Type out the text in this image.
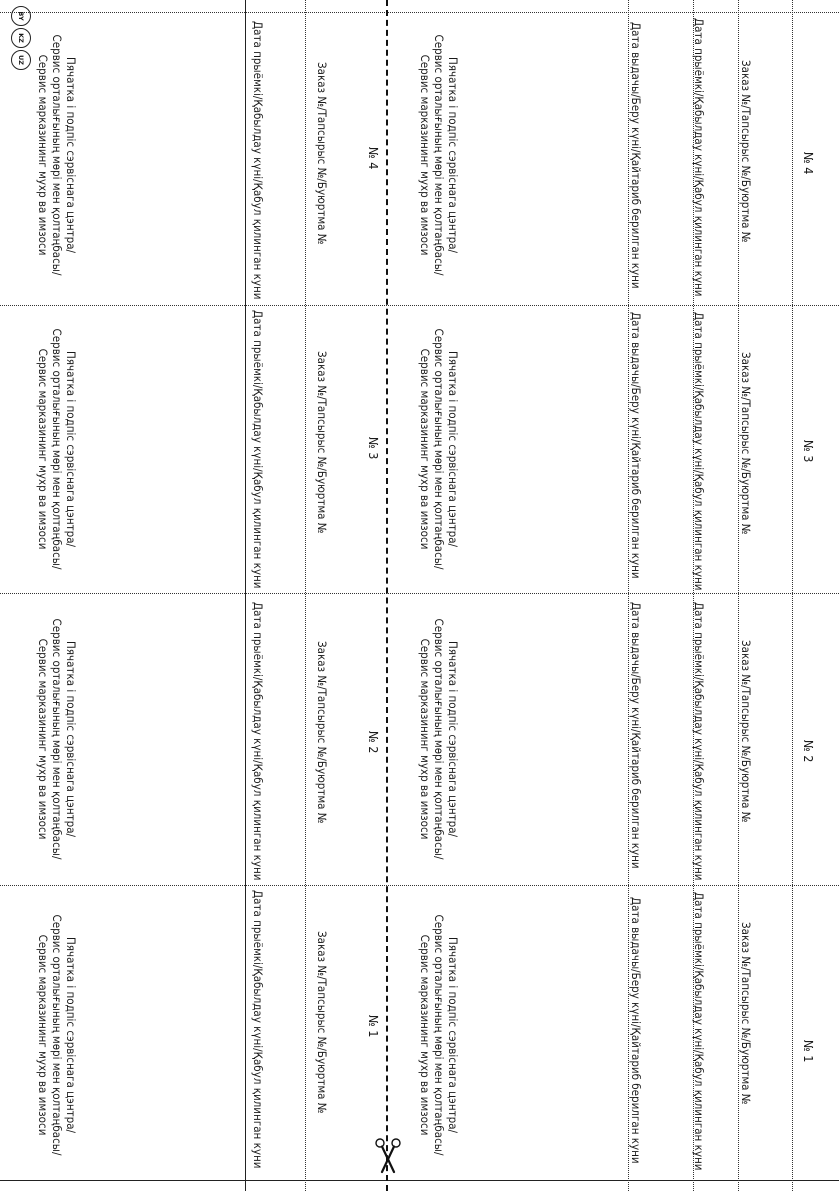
№ 1
Заказ №/Тапсырыс №/Буюртма №
Дата прыёмкі/Қабылдау күні/Қабул қилинган куни
Дата выдачы/Беру күні/Қайтариб берилган куни
Пячатка і подпіс сэрвіснага цэнтра/
Сервис орталығының мөрі мен қолтаңбасы/
Сервис марказининг мухр ва имзоси
№ 1
Заказ №/Тапсырыс №/Буюртма №
Дата прыёмкі/Қабылдау күні/Қабул қилинган куни
Пячатка і подпіс сэрвіснага цэнтра/
Сервис орталығының мөрі мен қолтаңбасы/
Сервис марказининг мухр ва имзоси
№ 2
Заказ №/Тапсырыс №/Буюртма №
Дата прыёмкі/Қабылдау күні/Қабул қилинган куни
Дата выдачы/Беру күні/Қайтариб берилган куни
Пячатка і подпіс сэрвіснага цэнтра/
Сервис орталығының мөрі мен қолтаңбасы/
Сервис марказининг мухр ва имзоси
№ 2
Заказ №/Тапсырыс №/Буюртма №
Дата прыёмкі/Қабылдау күні/Қабул қилинган куни
Пячатка і подпіс сэрвіснага цэнтра/
Сервис орталығының мөрі мен қолтаңбасы/
Сервис марказининг мухр ва имзоси
№ 3
Заказ №/Тапсырыс №/Буюртма №
Дата прыёмкі/Қабылдау күні/Қабул қилинган куни
Дата выдачы/Беру күні/Қайтариб берилган куни
Пячатка і подпіс сэрвіснага цэнтра/
Сервис орталығының мөрі мен қолтаңбасы/
Сервис марказининг мухр ва имзоси
№ 3
Заказ №/Тапсырыс №/Буюртма №
Дата прыёмкі/Қабылдау күні/Қабул қилинган куни
Пячатка і подпіс сэрвіснага цэнтра/
Сервис орталығының мөрі мен қолтаңбасы/
Сервис марказининг мухр ва имзоси
№ 4
Заказ №/Тапсырыс №/Буюртма №
Дата прыёмкі/Қабылдау күні/Қабул қилинган куни
Дата выдачы/Беру күні/Қайтариб берилган куни
Пячатка і подпіс сэрвіснага цэнтра/
Сервис орталығының мөрі мен қолтаңбасы/
Сервис марказининг мухр ва имзоси
№ 4
Заказ №/Тапсырыс №/Буюртма №
Дата прыёмкі/Қабылдау күні/Қабул қилинган куни
Пячатка і подпіс сэрвіснага цэнтра/
Сервис орталығының мөрі мен қолтаңбасы/
Сервис марказининг мухр ва имзоси
BY
KZ
UZ
